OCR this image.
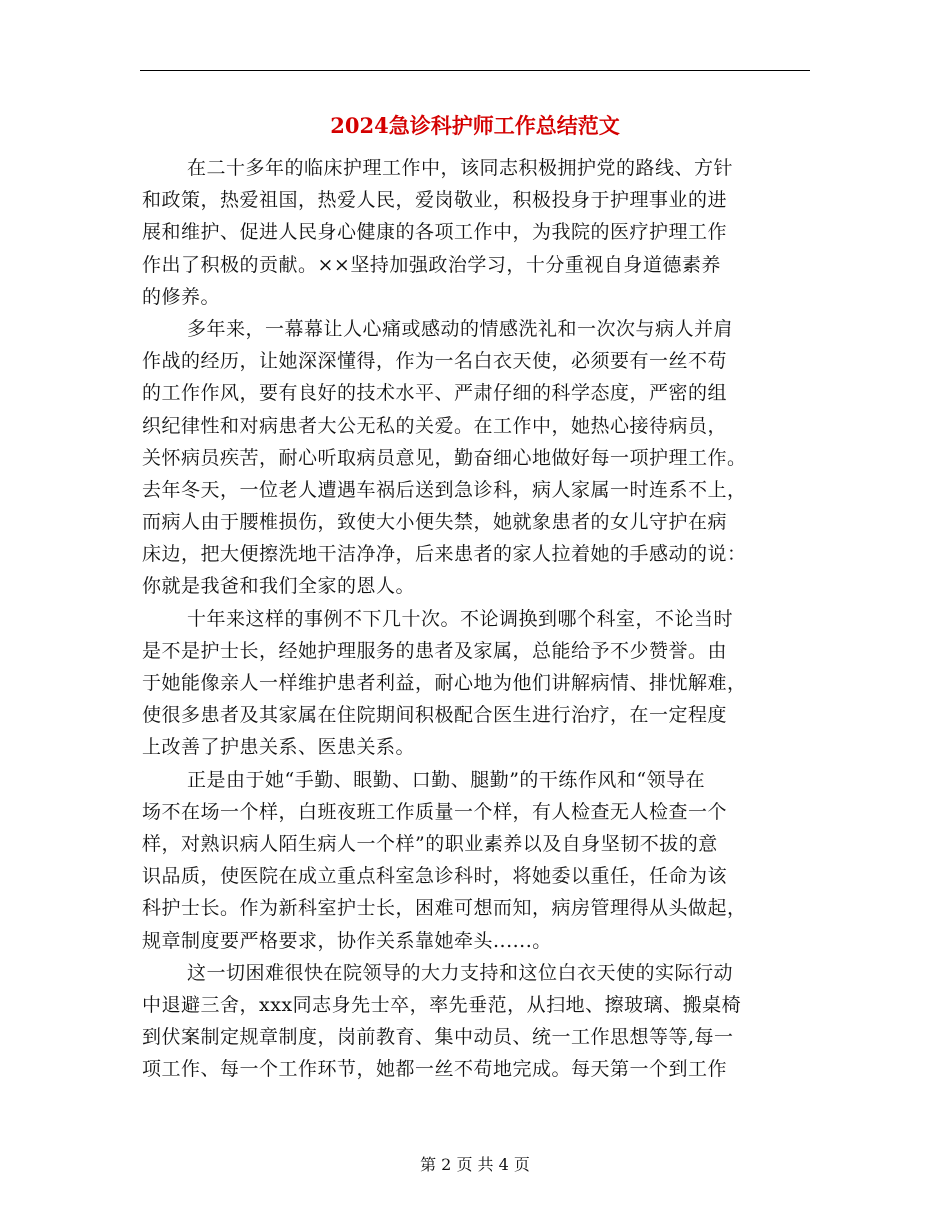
2024急诊科护师工作总结范文

在二十多年的临床护理工作中，该同志积极拥护党的路线、方针
和政策，热爱祖国，热爱人民，爱岗敬业，积极投身于护理事业的进
展和维护、促进人民身心健康的各项工作中，为我院的医疗护理工作
作出了积极的贡献。××坚持加强政治学习，十分重视自身道德素养
的修养。

多年来，一幕幕让人心痛或感动的情感洗礼和一次次与病人并肩
作战的经历，让她深深懂得，作为一名白衣天使，必须要有一丝不苟
的工作作风，要有良好的技术水平、严肃仔细的科学态度，严密的组
织纪律性和对病患者大公无私的关爱。在工作中，她热心接待病员，
关怀病员疾苦，耐心听取病员意见，勤奋细心地做好每一项护理工作。
去年冬天，一位老人遭遇车祸后送到急诊科，病人家属一时连系不上，
而病人由于腰椎损伤，致使大小便失禁，她就象患者的女儿守护在病
床边，把大便擦洗地干洁净净，后来患者的家人拉着她的手感动的说：
你就是我爸和我们全家的恩人。

十年来这样的事例不下几十次。不论调换到哪个科室，不论当时
是不是护士长，经她护理服务的患者及家属，总能给予不少赞誉。由
于她能像亲人一样维护患者利益，耐心地为他们讲解病情、排忧解难，
使很多患者及其家属在住院期间积极配合医生进行治疗，在一定程度
上改善了护患关系、医患关系。

正是由于她“手勤、眼勤、口勤、腿勤”的干练作风和“领导在
场不在场一个样，白班夜班工作质量一个样，有人检查无人检查一个
样，对熟识病人陌生病人一个样”的职业素养以及自身坚韧不拔的意
识品质，使医院在成立重点科室急诊科时，将她委以重任，任命为该
科护士长。作为新科室护士长，困难可想而知，病房管理得从头做起，
规章制度要严格要求，协作关系靠她牵头......。

这一切困难很快在院领导的大力支持和这位白衣天使的实际行动
中退避三舍，xxx同志身先士卒，率先垂范，从扫地、擦玻璃、搬桌椅
到伏案制定规章制度，岗前教育、集中动员、统一工作思想等等,每一
项工作、每一个工作环节，她都一丝不苟地完成。每天第一个到工作

第 2 页 共 4 页
